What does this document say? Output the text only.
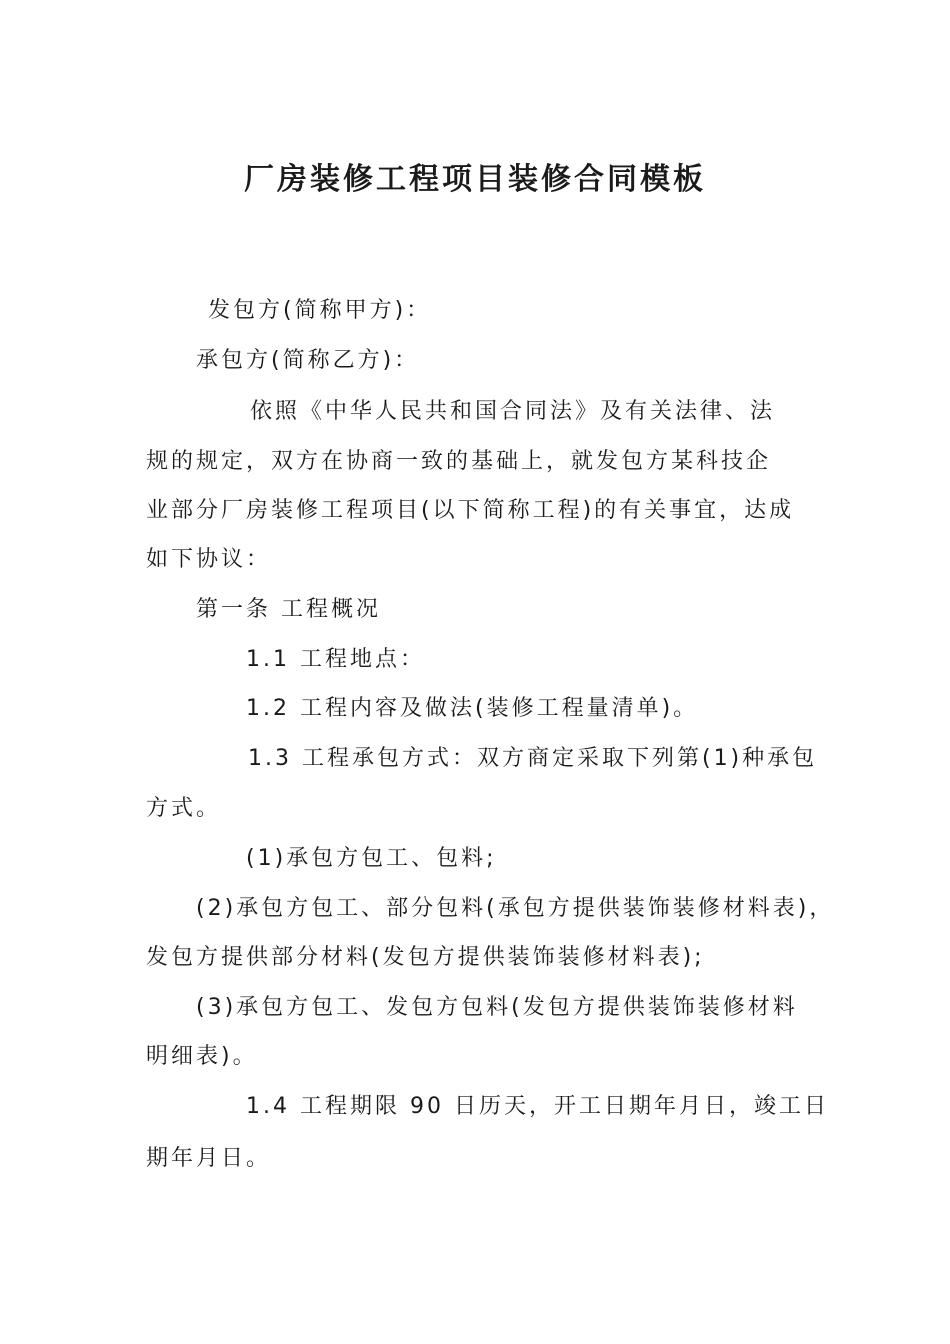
厂房装修工程项目装修合同模板
发包方(简称甲方)：
承包方(简称乙方)：
依照《中华人民共和国合同法》及有关法律、法
规的规定，双方在协商一致的基础上，就发包方某科技企
业部分厂房装修工程项目(以下简称工程)的有关事宜，达成
如下协议：
第一条 工程概况
1.1 工程地点：
1.2 工程内容及做法(装修工程量清单)。
1.3 工程承包方式：双方商定采取下列第(1)种承包
方式。
(1)承包方包工、包料;
(2)承包方包工、部分包料(承包方提供装饰装修材料表)，
发包方提供部分材料(发包方提供装饰装修材料表);
(3)承包方包工、发包方包料(发包方提供装饰装修材料
明细表)。
1.4 工程期限 90 日历天，开工日期年月日，竣工日
期年月日。
